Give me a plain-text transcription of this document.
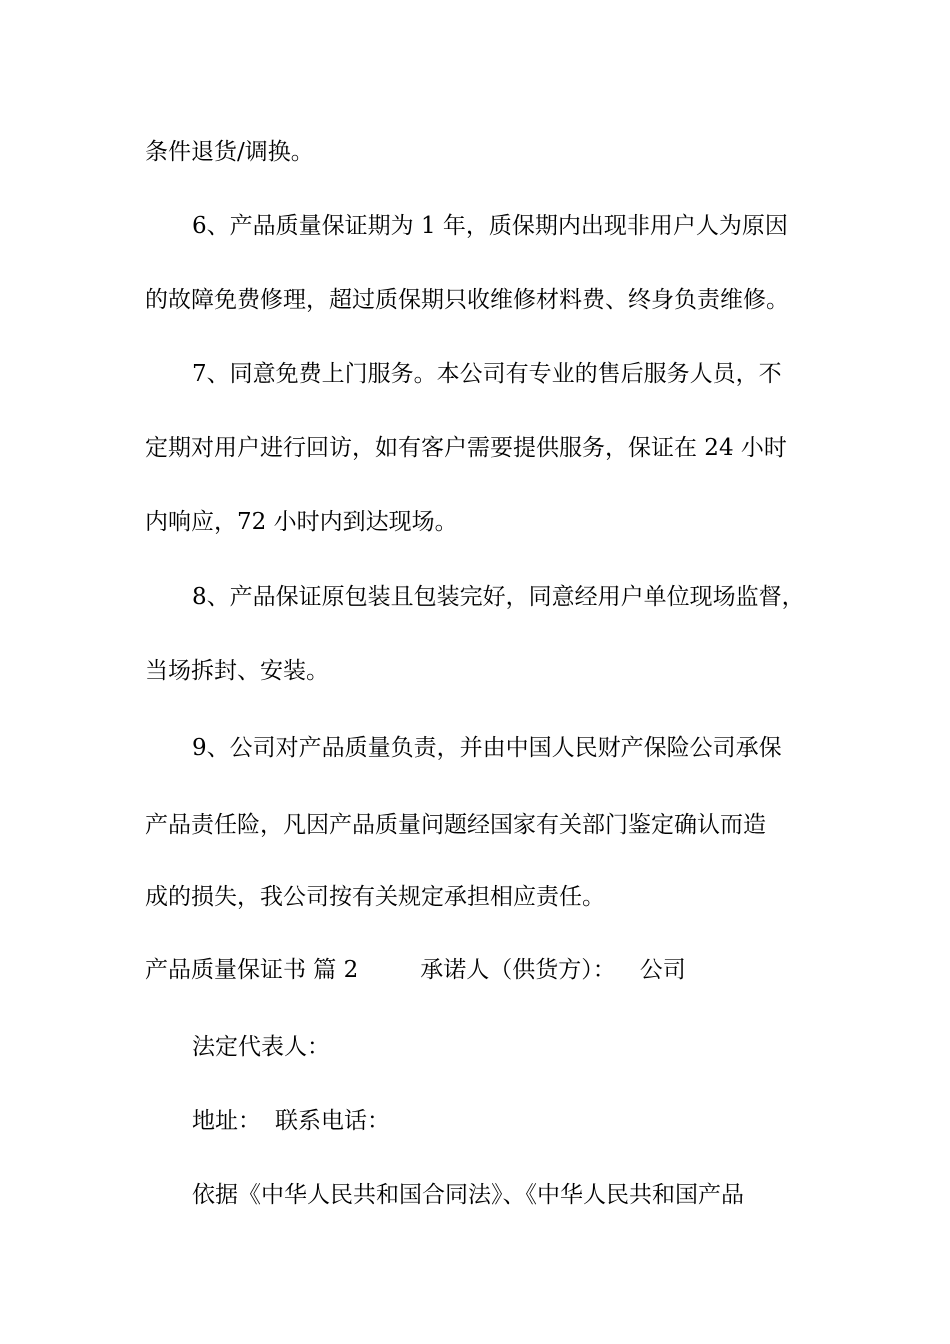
条件退货/调换。
6、产品质量保证期为 1 年，质保期内出现非用户人为原因
的故障免费修理，超过质保期只收维修材料费、终身负责维修。
7、同意免费上门服务。本公司有专业的售后服务人员，不
定期对用户进行回访，如有客户需要提供服务，保证在 24 小时
内响应，72 小时内到达现场。
8、产品保证原包装且包装完好，同意经用户单位现场监督，
当场拆封、安装。
9、公司对产品质量负责，并由中国人民财产保险公司承保
产品责任险，凡因产品质量问题经国家有关部门鉴定确认而造
成的损失，我公司按有关规定承担相应责任。
产品质量保证书 篇 2	承诺人（供货方）： 公司
法定代表人：
地址： 联系电话：
依据《中华人民共和国合同法》、《中华人民共和国产品
